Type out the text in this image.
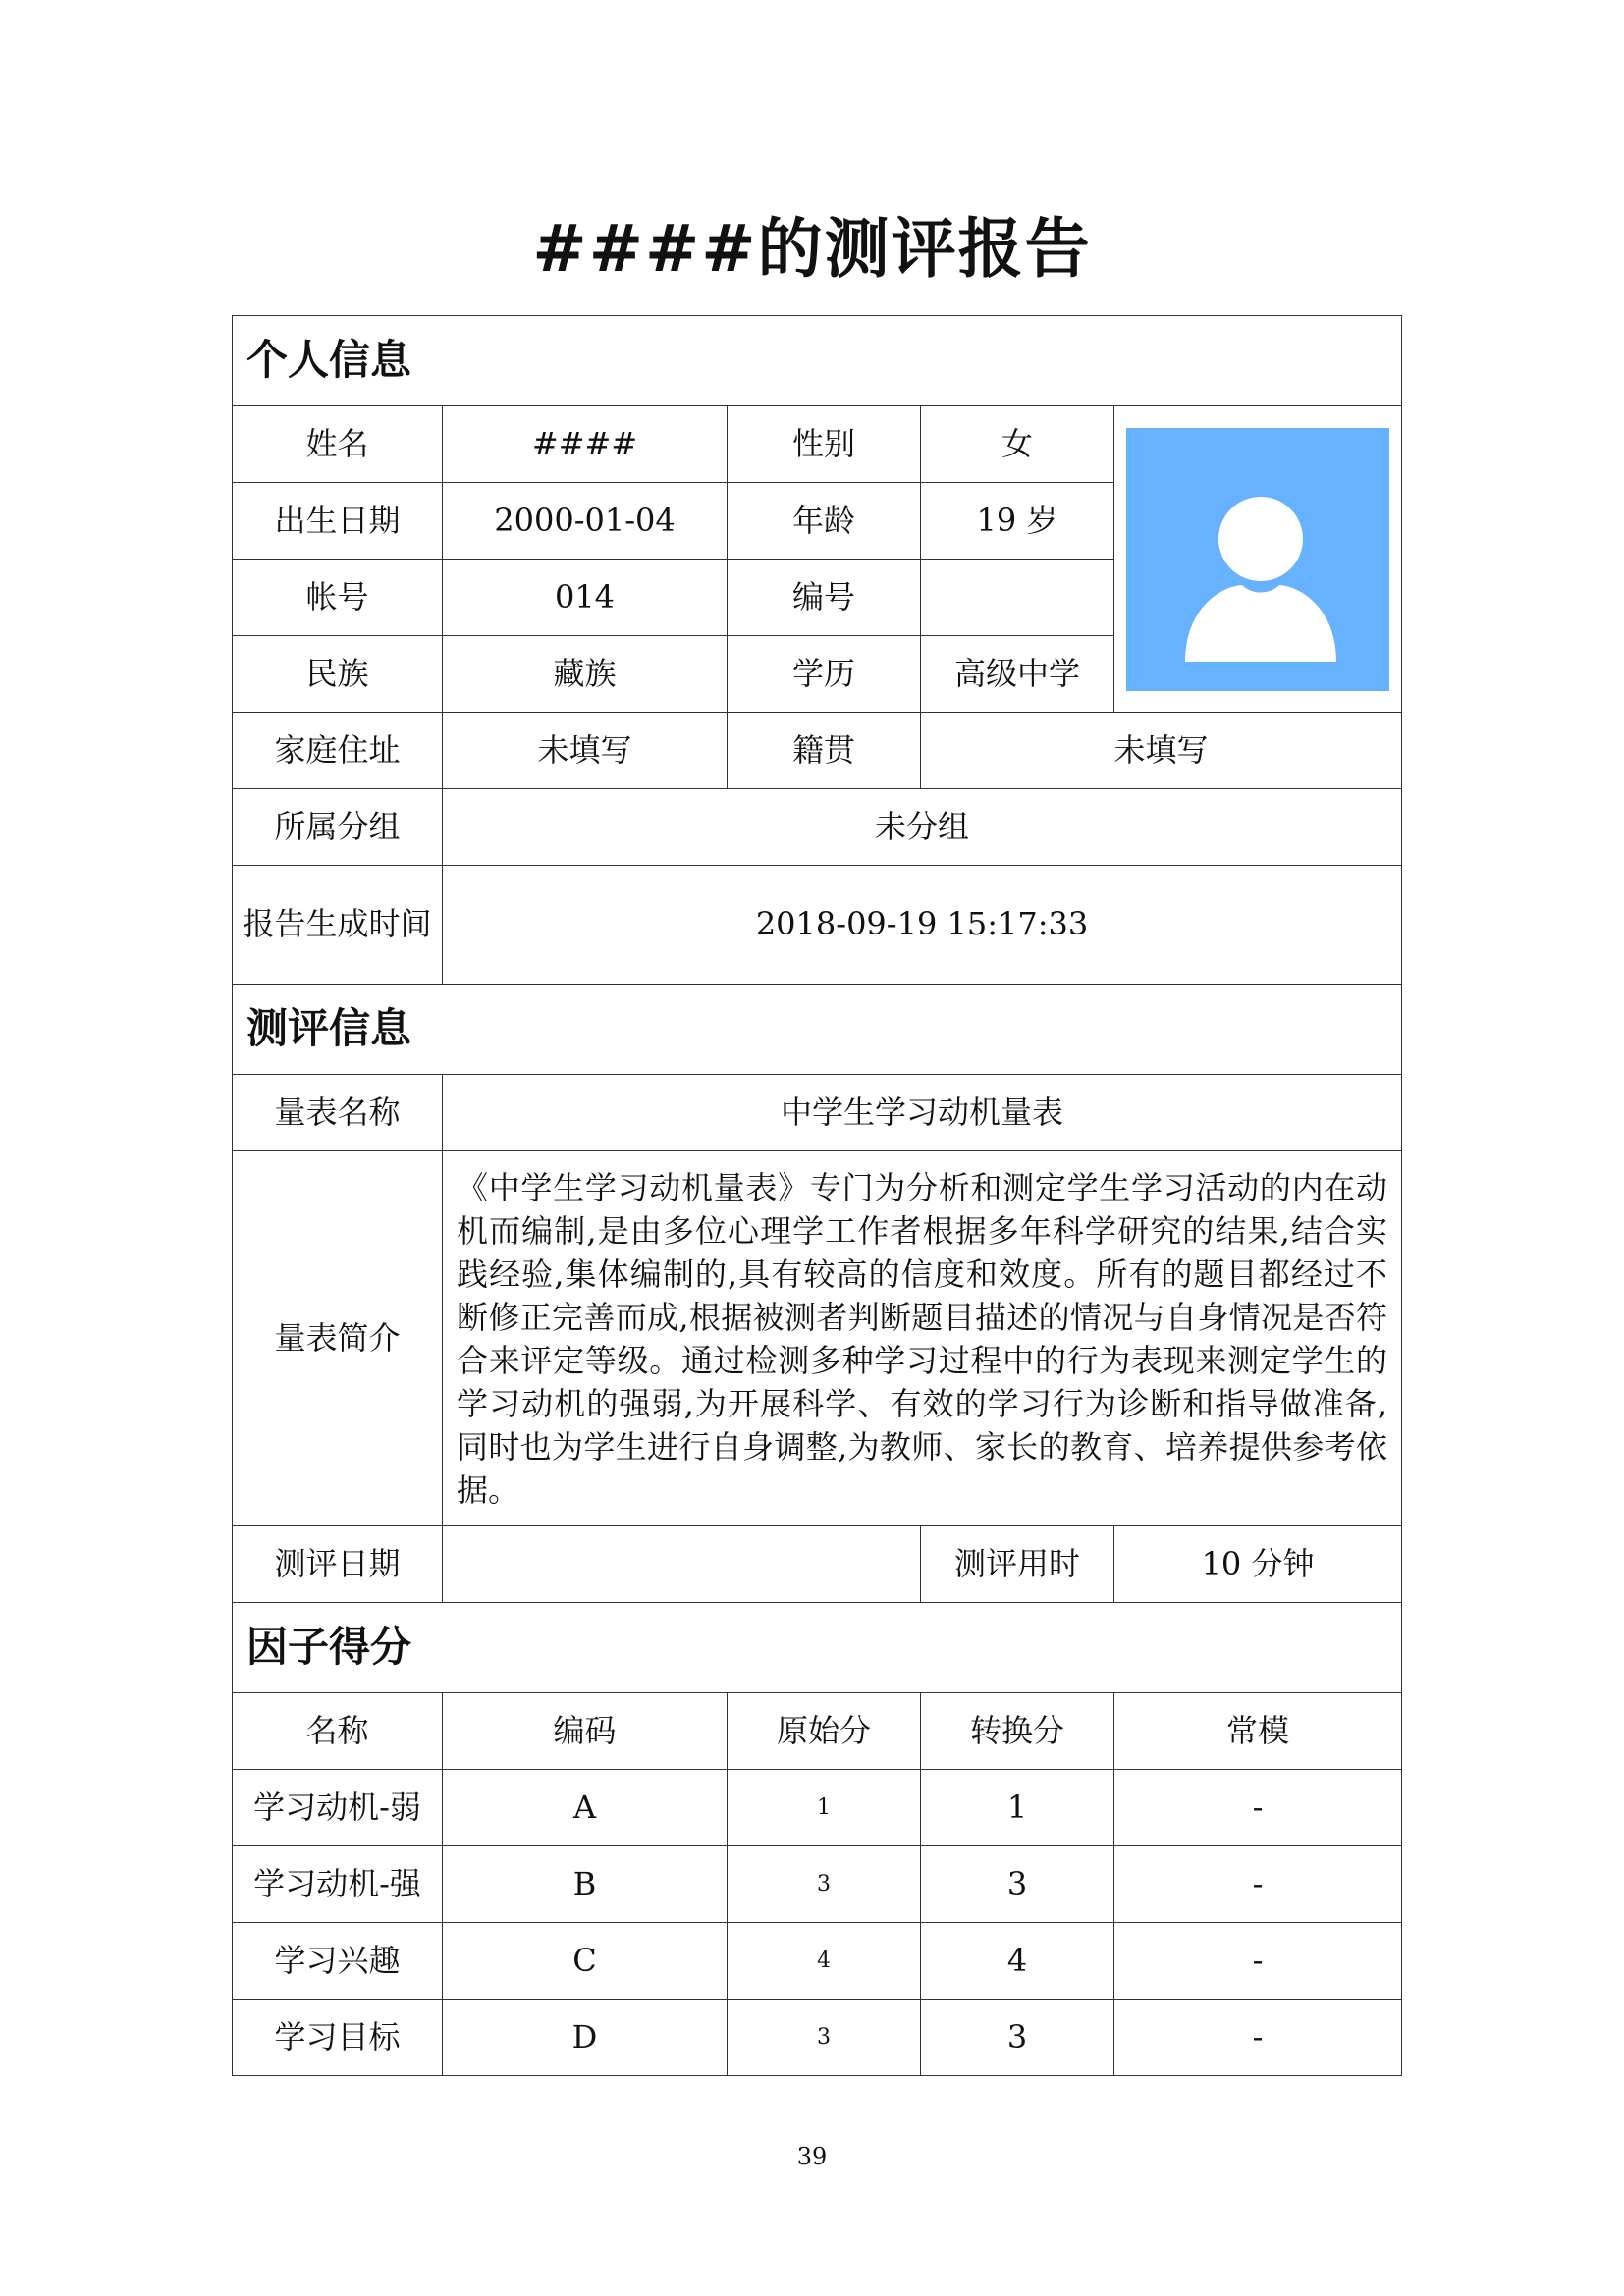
####的测评报告
个人信息				
姓名	####	性别	女	

出生日期	2000-01-04	年龄	19 岁	
帐号	014	编号		
民族	藏族	学历	高级中学	
家庭住址	未填写	籍贯	未填写	
所属分组	未分组			
报告生成时间	2018-09-19 15:17:33			
测评信息				
量表名称	中学生学习动机量表			
量表简介	《中学生学习动机量表》专门为分析和测定学生学习活动的内在动机而编制,是由多位心理学工作者根据多年科学研究的结果,结合实践经验,集体编制的,具有较高的信度和效度。所有的题目都经过不断修正完善而成,根据被测者判断题目描述的情况与自身情况是否符合来评定等级。通过检测多种学习过程中的行为表现来测定学生的学习动机的强弱,为开展科学、有效的学习行为诊断和指导做准备,同时也为学生进行自身调整,为教师、家长的教育、培养提供参考依据。			
测评日期			测评用时	10 分钟
因子得分				
名称	编码	原始分	转换分	常模
学习动机-弱	A	1	1	-
学习动机-强	B	3	3	-
学习兴趣	C	4	4	-
学习目标	D	3	3	-
39
